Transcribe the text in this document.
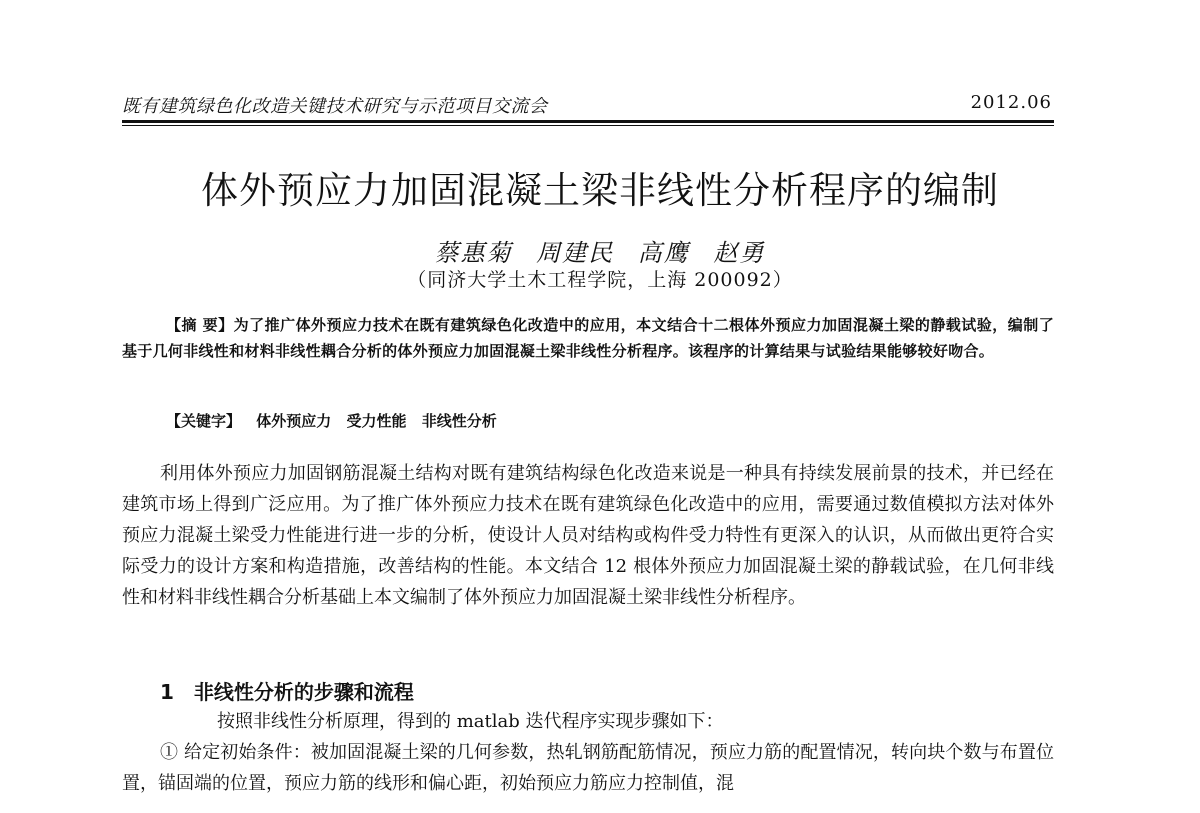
既有建筑绿色化改造关键技术研究与示范项目交流会	2012.06
体外预应力加固混凝土梁非线性分析程序的编制
蔡惠菊 周建民 高鹰 赵勇
（同济大学土木工程学院，上海 200092）
【摘 要】为了推广体外预应力技术在既有建筑绿色化改造中的应用，本文结合十二根体外预应力加固混凝土梁的静载试验，编制了基于几何非线性和材料非线性耦合分析的体外预应力加固混凝土梁非线性分析程序。该程序的计算结果与试验结果能够较好吻合。
【关键字】 体外预应力 受力性能 非线性分析
利用体外预应力加固钢筋混凝土结构对既有建筑结构绿色化改造来说是一种具有持续发展前景的技术，并已经在建筑市场上得到广泛应用。为了推广体外预应力技术在既有建筑绿色化改造中的应用，需要通过数值模拟方法对体外预应力混凝土梁受力性能进行进一步的分析，使设计人员对结构或构件受力特性有更深入的认识，从而做出更符合实际受力的设计方案和构造措施，改善结构的性能。本文结合 12 根体外预应力加固混凝土梁的静载试验，在几何非线性和材料非线性耦合分析基础上本文编制了体外预应力加固混凝土梁非线性分析程序。
1 非线性分析的步骤和流程
按照非线性分析原理，得到的 matlab 迭代程序实现步骤如下：
① 给定初始条件：被加固混凝土梁的几何参数，热轧钢筋配筋情况，预应力筋的配置情况，转向块个数与布置位置，锚固端的位置，预应力筋的线形和偏心距，初始预应力筋应力控制值，混
